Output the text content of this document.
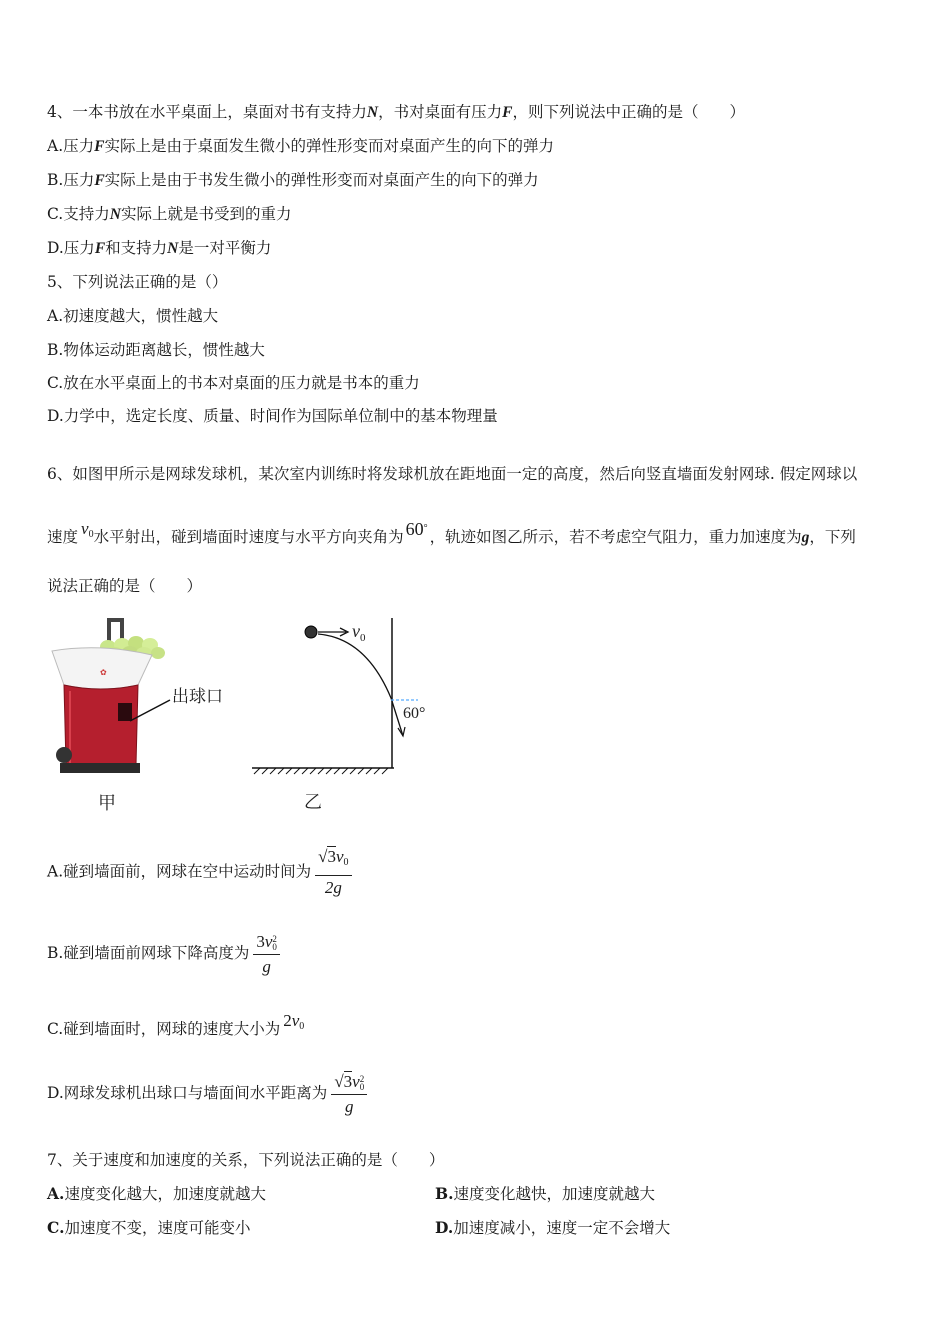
4、一本书放在水平桌面上，桌面对书有支持力N，书对桌面有压力F，则下列说法中正确的是（　　）
A.压力F实际上是由于桌面发生微小的弹性形变而对桌面产生的向下的弹力
B.压力F实际上是由于书发生微小的弹性形变而对桌面产生的向下的弹力
C.支持力N实际上就是书受到的重力
D.压力F和支持力N是一对平衡力
5、下列说法正确的是（）
A.初速度越大，惯性越大
B.物体运动距离越长，惯性越大
C.放在水平桌面上的书本对桌面的压力就是书本的重力
D.力学中，选定长度、质量、时间作为国际单位制中的基本物理量
6、如图甲所示是网球发球机，某次室内训练时将发球机放在距地面一定的高度，然后向竖直墙面发射网球. 假定网球以
速度 $v_0$水平射出，碰到墙面时速度与水平方向夹角为 60° ，轨迹如图乙所示，若不考虑空气阻力，重力加速度为g，下列
说法正确的是（　　）
✿
出球口
甲
$v_0$
60°
乙
A.碰到墙面前，网球在空中运动时间为 $\frac{√3v_0}{2g}$
B.碰到墙面前网球下降高度为 3v 2
0
g
C.碰到墙面时，网球的速度大小为 $2v_0$
D.网球发球机出球口与墙面间水平距离为 √3v 2
0
g
7、关于速度和加速度的关系，下列说法正确的是（　　）
A.速度变化越大，加速度就越大	B.速度变化越快，加速度就越大
C.加速度不变，速度可能变小	D.加速度减小，速度一定不会增大
